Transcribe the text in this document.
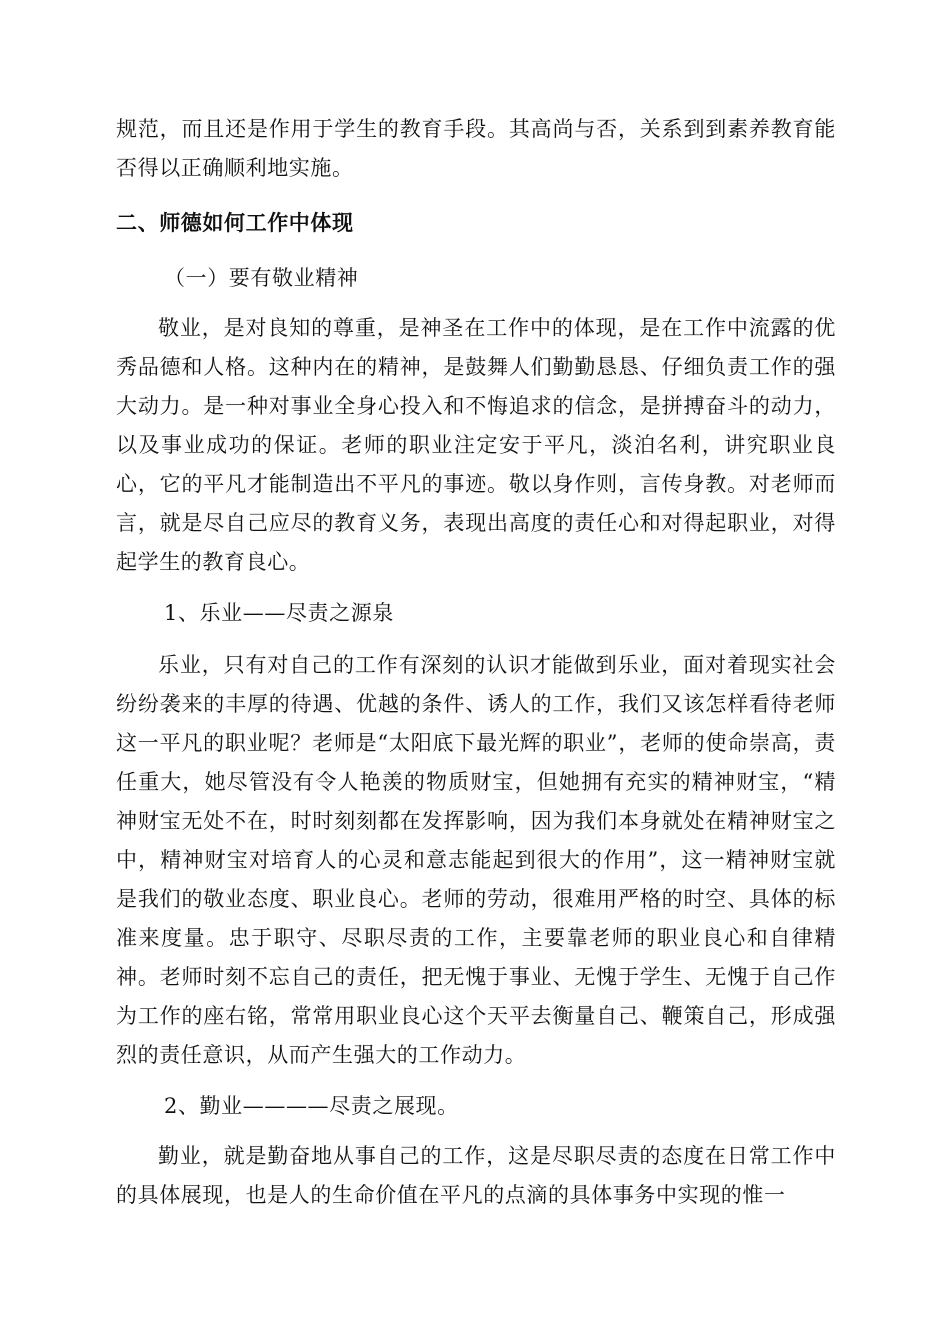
规范，而且还是作用于学生的教育手段。其高尚与否，关系到到素养教育能否得以正确顺利地实施。

二、师德如何工作中体现

（一）要有敬业精神

敬业，是对良知的尊重，是神圣在工作中的体现，是在工作中流露的优秀品德和人格。这种内在的精神，是鼓舞人们勤勤恳恳、仔细负责工作的强大动力。是一种对事业全身心投入和不悔追求的信念，是拼搏奋斗的动力，以及事业成功的保证。老师的职业注定安于平凡，淡泊名利，讲究职业良心，它的平凡才能制造出不平凡的事迹。敬以身作则，言传身教。对老师而言，就是尽自己应尽的教育义务，表现出高度的责任心和对得起职业，对得起学生的教育良心。

1、乐业——尽责之源泉

乐业，只有对自己的工作有深刻的认识才能做到乐业，面对着现实社会纷纷袭来的丰厚的待遇、优越的条件、诱人的工作，我们又该怎样看待老师这一平凡的职业呢？老师是“太阳底下最光辉的职业”，老师的使命崇高，责任重大，她尽管没有令人艳羡的物质财宝，但她拥有充实的精神财宝，“精神财宝无处不在，时时刻刻都在发挥影响，因为我们本身就处在精神财宝之中，精神财宝对培育人的心灵和意志能起到很大的作用”，这一精神财宝就是我们的敬业态度、职业良心。老师的劳动，很难用严格的时空、具体的标准来度量。忠于职守、尽职尽责的工作，主要靠老师的职业良心和自律精神。老师时刻不忘自己的责任，把无愧于事业、无愧于学生、无愧于自己作为工作的座右铭，常常用职业良心这个天平去衡量自己、鞭策自己，形成强烈的责任意识，从而产生强大的工作动力。

2、勤业————尽责之展现。

勤业，就是勤奋地从事自己的工作，这是尽职尽责的态度在日常工作中的具体展现，也是人的生命价值在平凡的点滴的具体事务中实现的惟一
